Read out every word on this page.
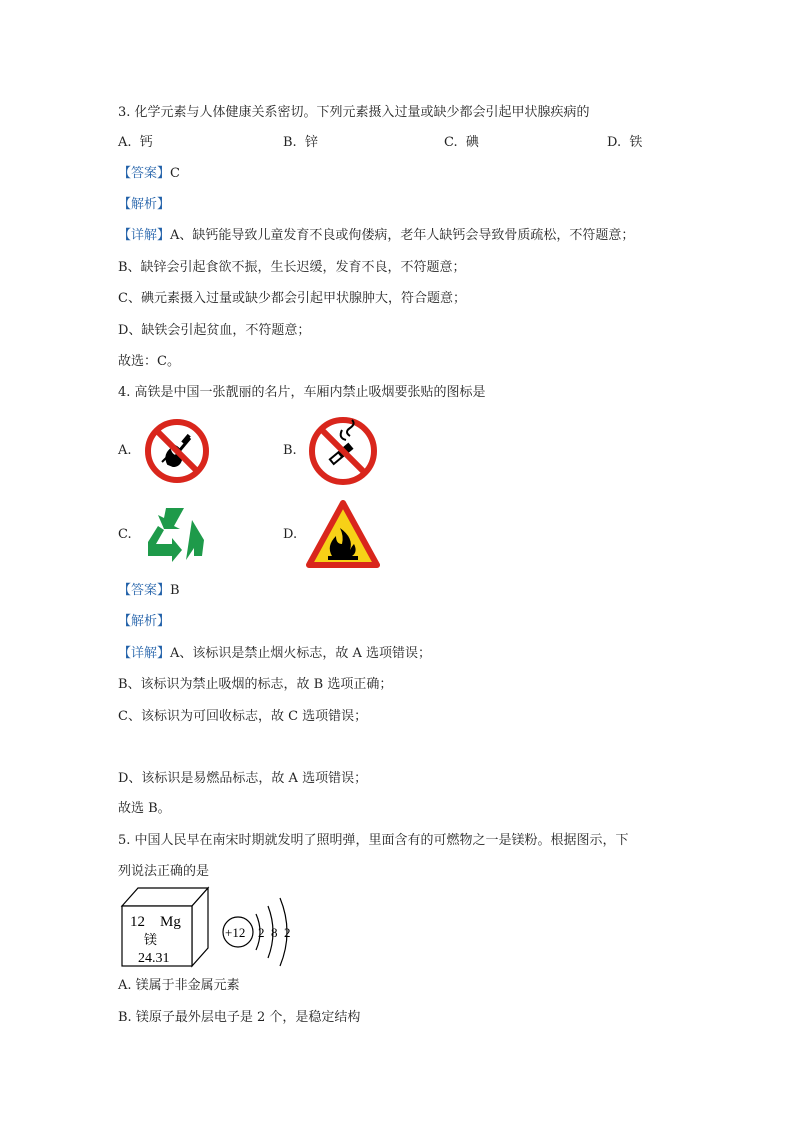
3. 化学元素与人体健康关系密切。下列元素摄入过量或缺少都会引起甲状腺疾病的
A. 钙	B. 锌	C. 碘	D. 铁
【答案】C
【解析】
【详解】A、缺钙能导致儿童发育不良或佝偻病，老年人缺钙会导致骨质疏松，不符题意；
B、缺锌会引起食欲不振，生长迟缓，发育不良，不符题意；
C、碘元素摄入过量或缺少都会引起甲状腺肿大，符合题意；
D、缺铁会引起贫血，不符题意；
故选：C。
4. 高铁是中国一张靓丽的名片，车厢内禁止吸烟要张贴的图标是
A.	B.
C.	D.
【答案】B
【解析】
【详解】A、该标识是禁止烟火标志，故 A 选项错误；
B、该标识为禁止吸烟的标志，故 B 选项正确；
C、该标识为可回收标志，故 C 选项错误；
D、该标识是易燃品标志，故 A 选项错误；
故选 B。
5. 中国人民早在南宋时期就发明了照明弹，里面含有的可燃物之一是镁粉。根据图示，下
列说法正确的是
12 Mg
镁
24.31
+12 2 8 2
A. 镁属于非金属元素
B. 镁原子最外层电子是 2 个，是稳定结构
